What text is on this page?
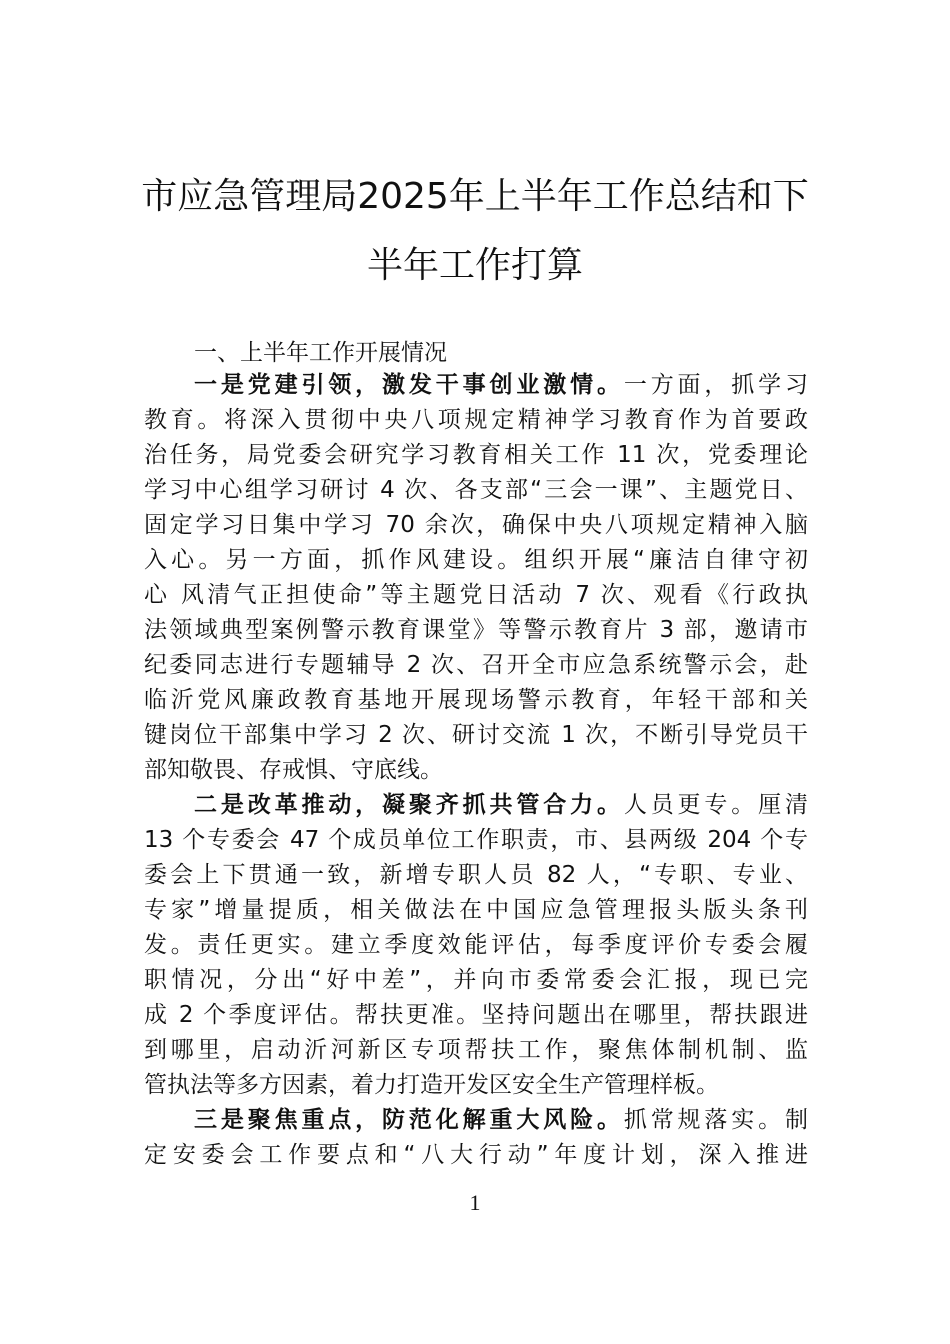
市应急管理局2025年上半年工作总结和下
半年工作打算
一、上半年工作开展情况
一是党建引领，激发干事创业激情。一方面，抓学习
教育。将深入贯彻中央八项规定精神学习教育作为首要政
治任务，局党委会研究学习教育相关工作 11 次，党委理论
学习中心组学习研讨 4 次、各支部“三会一课”、主题党日、
固定学习日集中学习 70 余次，确保中央八项规定精神入脑
入心。另一方面，抓作风建设。组织开展“廉洁自律守初
心 风清气正担使命”等主题党日活动 7 次、观看《行政执
法领域典型案例警示教育课堂》等警示教育片 3 部，邀请市
纪委同志进行专题辅导 2 次、召开全市应急系统警示会，赴
临沂党风廉政教育基地开展现场警示教育，年轻干部和关
键岗位干部集中学习 2 次、研讨交流 1 次，不断引导党员干
部知敬畏、存戒惧、守底线。
二是改革推动，凝聚齐抓共管合力。人员更专。厘清
13 个专委会 47 个成员单位工作职责，市、县两级 204 个专
委会上下贯通一致，新增专职人员 82 人，“专职、专业、
专家”增量提质，相关做法在中国应急管理报头版头条刊
发。责任更实。建立季度效能评估，每季度评价专委会履
职情况，分出“好中差”，并向市委常委会汇报，现已完
成 2 个季度评估。帮扶更准。坚持问题出在哪里，帮扶跟进
到哪里，启动沂河新区专项帮扶工作，聚焦体制机制、监
管执法等多方因素，着力打造开发区安全生产管理样板。
三是聚焦重点，防范化解重大风险。抓常规落实。制
定安委会工作要点和“八大行动”年度计划，深入推进
1
